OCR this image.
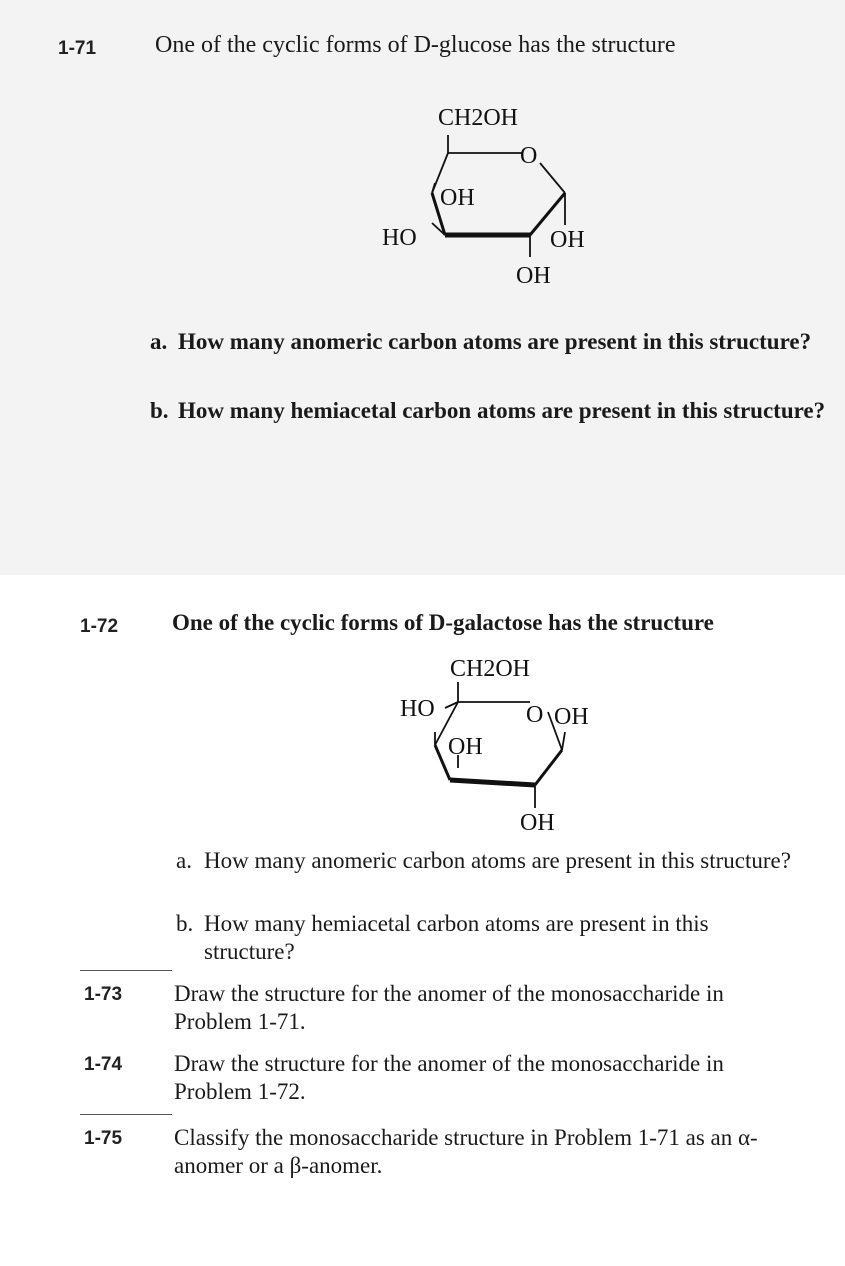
1-71 One of the cyclic forms of D-glucose has the structure
CH2OH
O
OH
HO	OH
OH
a. How many anomeric carbon atoms are present in this structure?
b. How many hemiacetal carbon atoms are present in this structure?
1-72 One of the cyclic forms of D-galactose has the structure
CH2OH
HO	O OH
OH
OH
a. How many anomeric carbon atoms are present in this structure?
b. How many hemiacetal carbon atoms are present in this structure?
1-73 Draw the structure for the anomer of the monosaccharide in Problem 1-71.
1-74 Draw the structure for the anomer of the monosaccharide in Problem 1-72.
1-75 Classify the monosaccharide structure in Problem 1-71 as an α-anomer or a β-anomer.
